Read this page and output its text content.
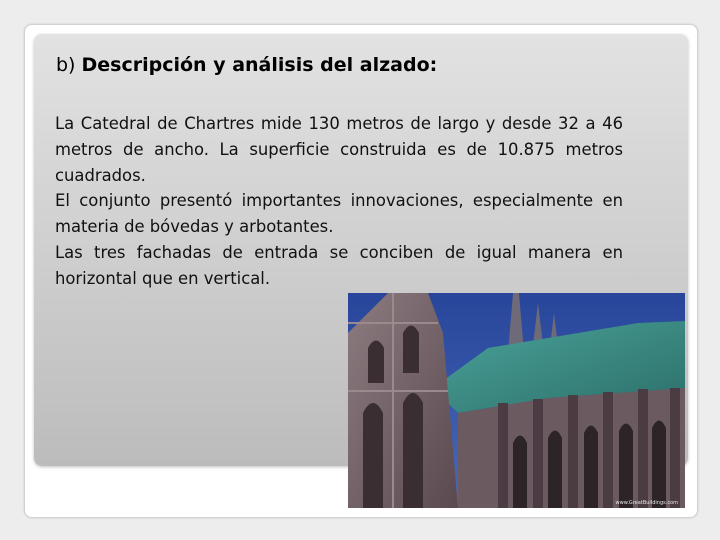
b) Descripción y análisis del alzado:

La Catedral de Chartres mide 130 metros de largo y desde 32 a 46 metros de ancho. La superficie construida es de 10.875 metros cuadrados.

El conjunto presentó importantes innovaciones, especialmente en materia de bóvedas y arbotantes.

Las tres fachadas de entrada se conciben de igual manera en horizontal que en vertical.

www.GreatBuildings.com
